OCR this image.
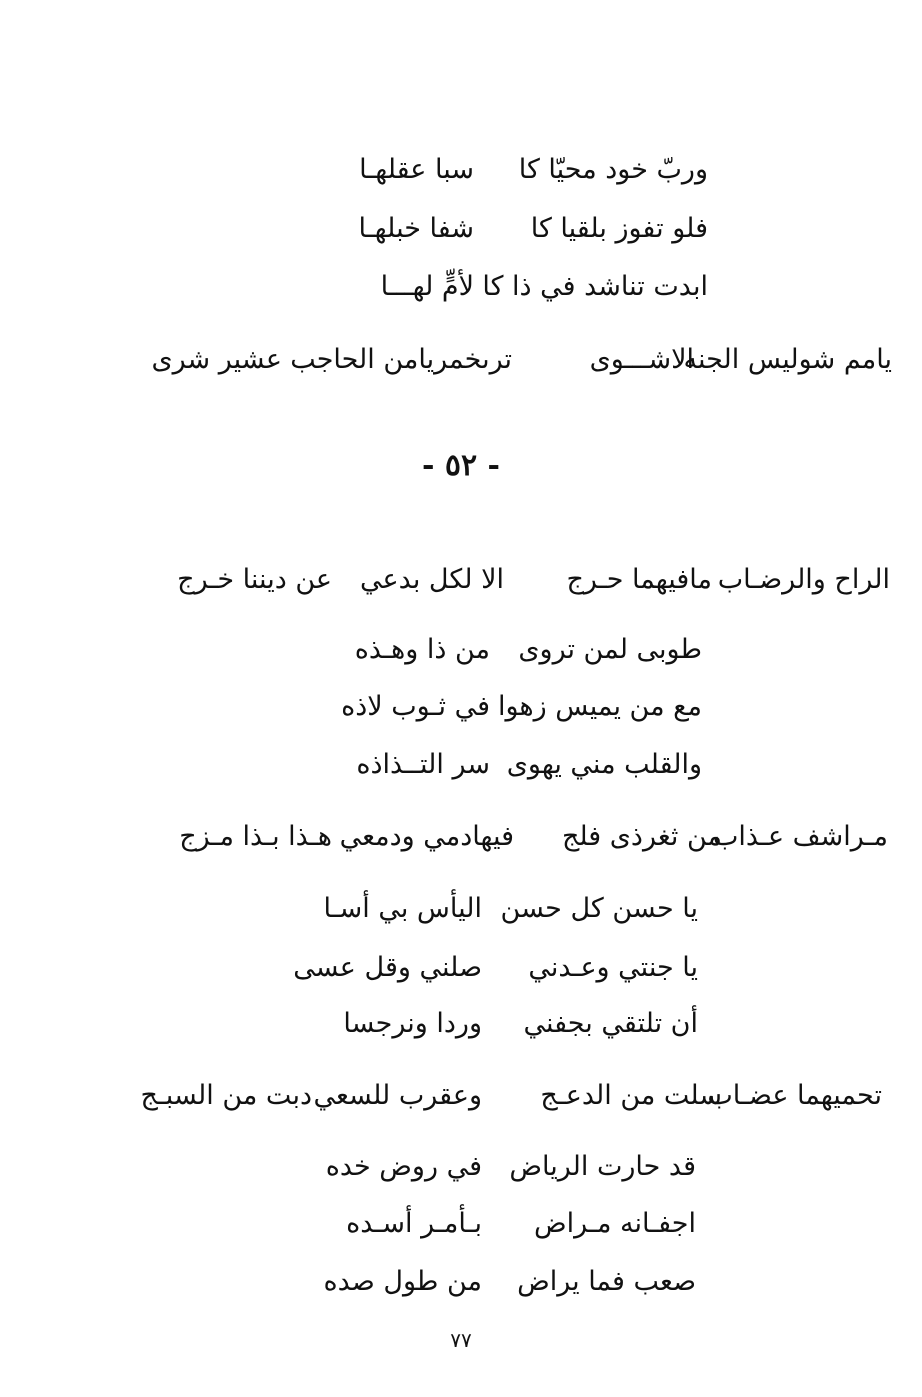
وربّ خود محيّا كا
سبا عقلهـا
فلو تفوز بلقيا كا
شفا خبلهـا
ابدت تناشد في ذا كا
لأمٍّ لهـــا
يامم شوليس الجنه
الاشـــوى
ترىخمريامن الحاجب
عشير شرى
- ٥٢ -
الراح والرضـاب
مافيهما حـرج
الا لكل بدعي
عن ديننا خـرج
طوبى لمن تروى
من ذا وهـذه
مع من يميس زهوا
في ثـوب لاذه
والقلب مني يهوى
سر التــذاذه
مـراشف عـذاب
من ثغرذى فلج
فيهادمي ودمعي
هـذا بـذا مـزج
يا حسن كل حسن
اليأس بي أسـا
يا جنتي وعـدني
صلني وقل عسى
أن تلتقي بجفني
وردا ونرجسا
تحميهما عضـاب
سلت من الدعـج
وعقرب للسعي
دبت من السبـج
قد حارت الرياض
في روض خده
اجفـانه مـراض
بـأمـر أسـده
صعب فما يراض
من طول صده
٧٧
